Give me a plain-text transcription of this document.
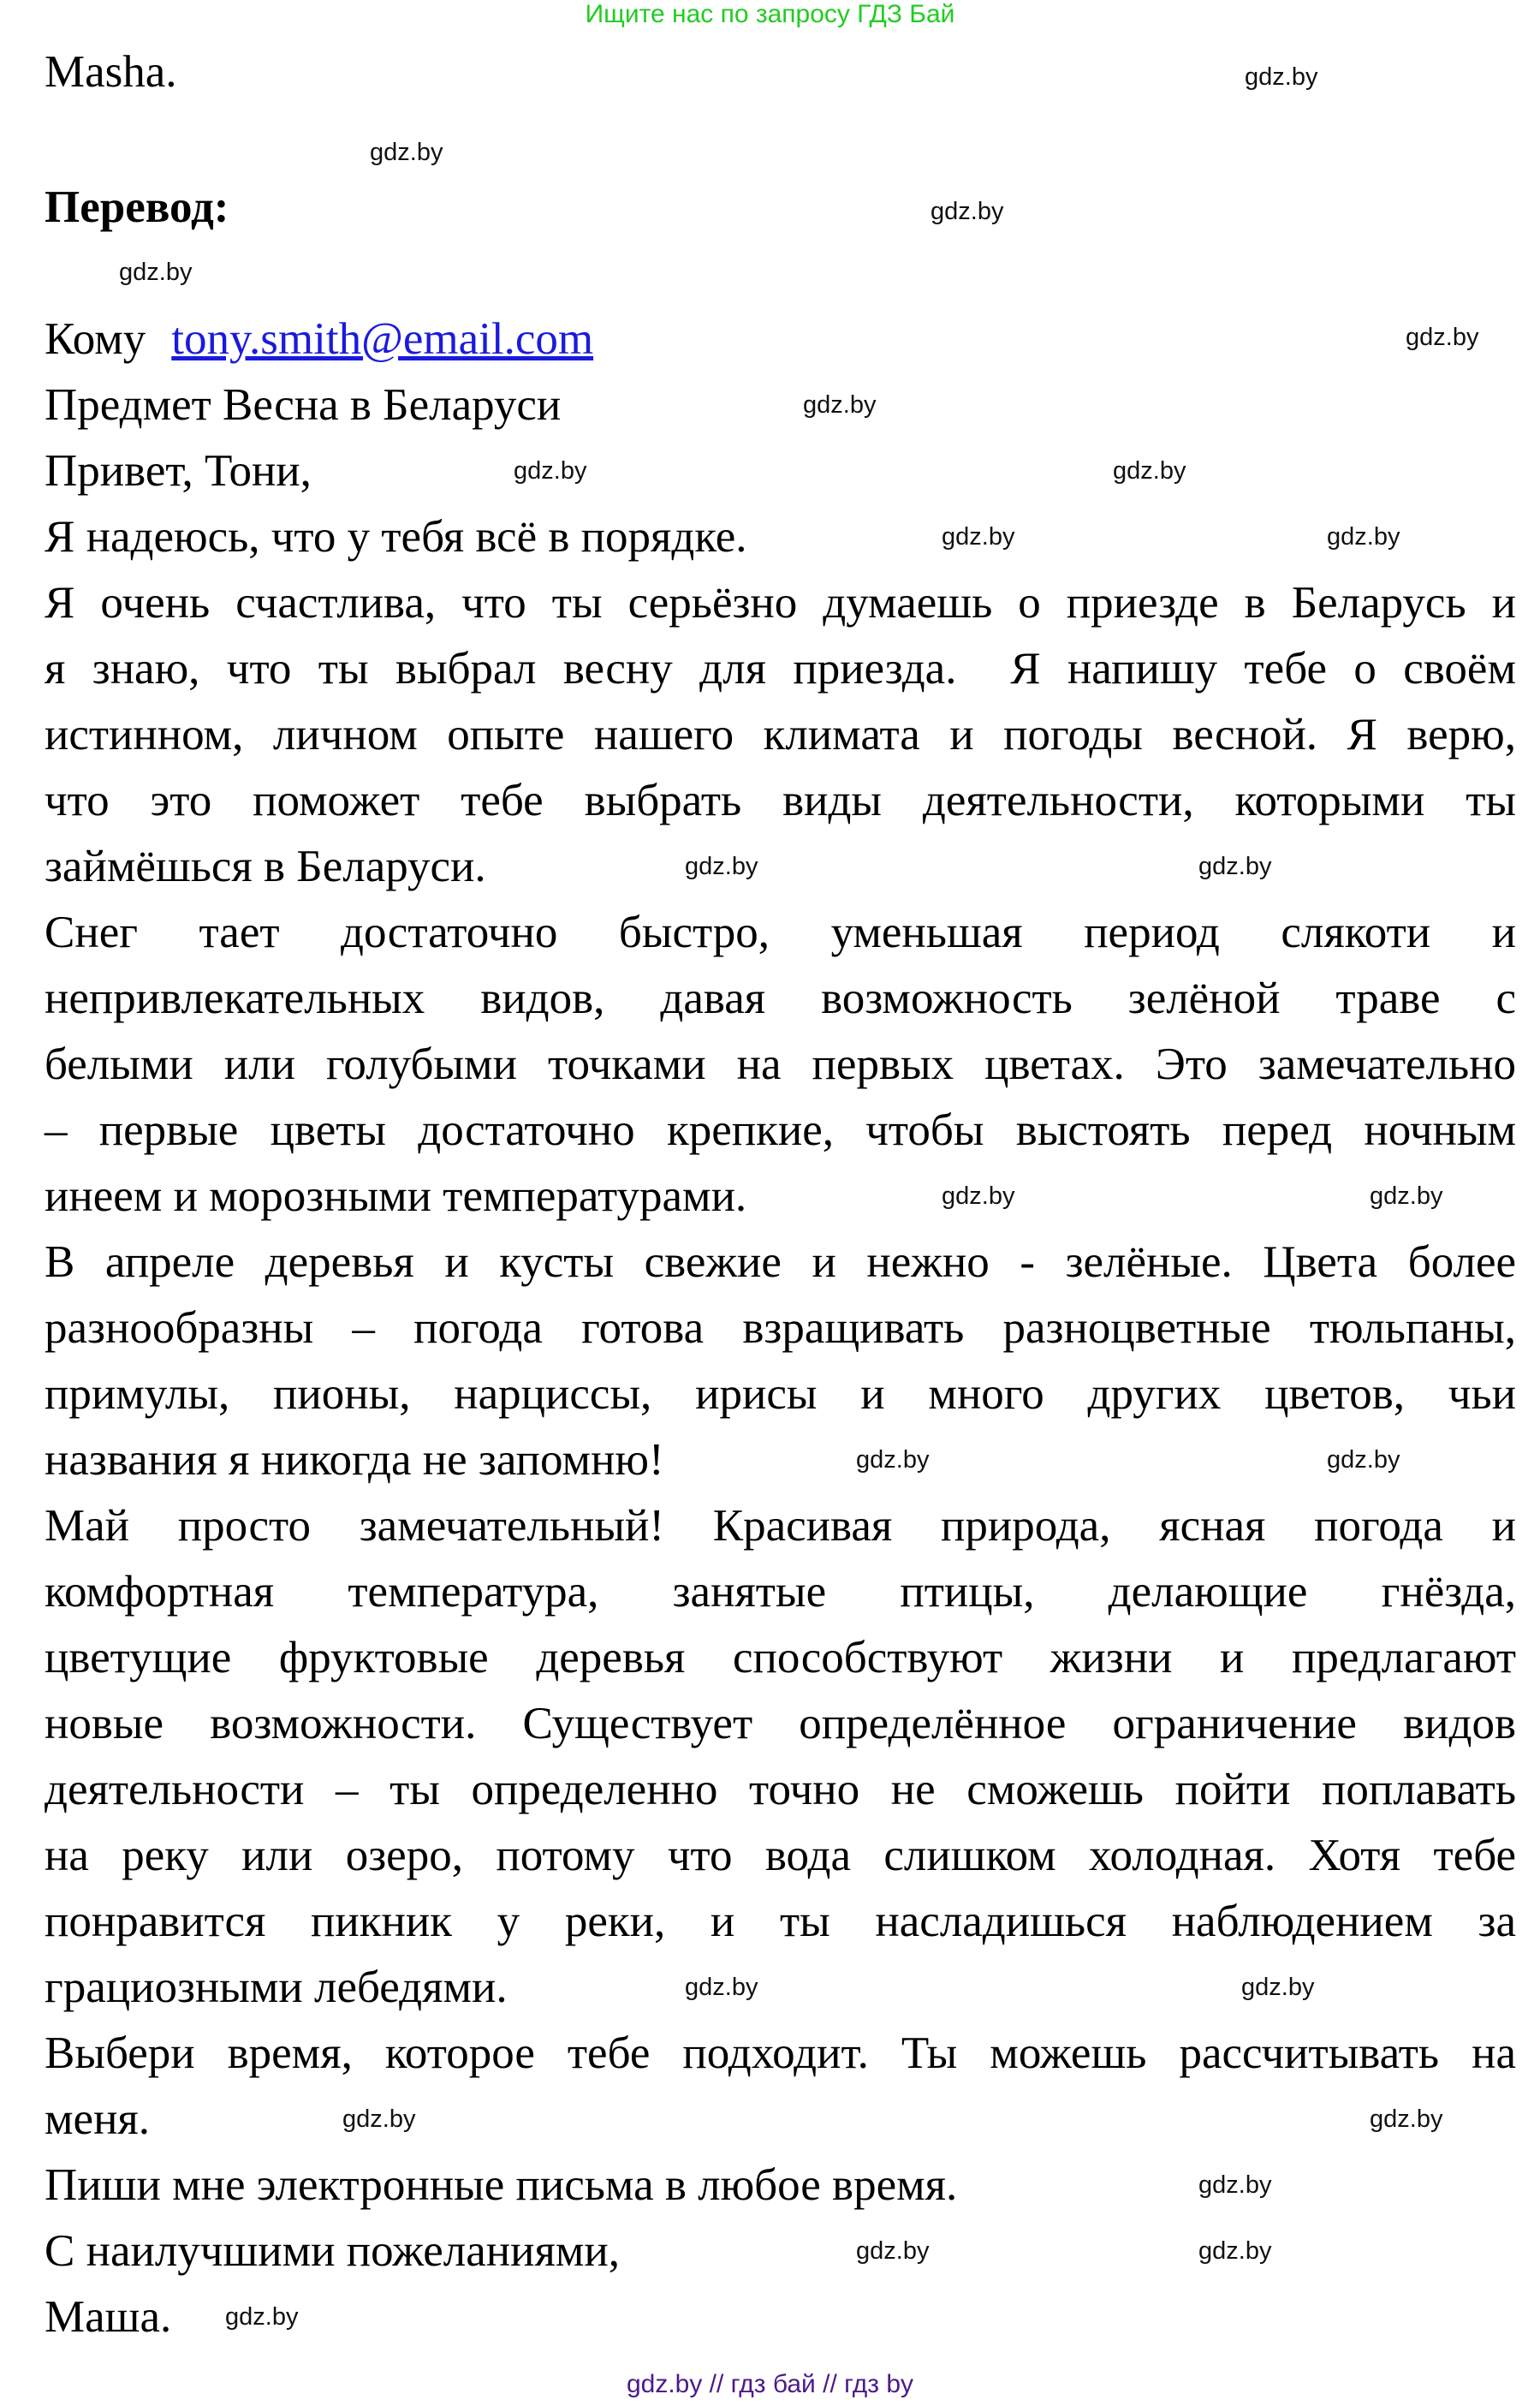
Ищите нас по запросу ГДЗ Бай
Masha.
Перевод:
Кому tony.smith@email.com
Предмет Весна в Беларуси
Привет, Тони,
Я надеюсь, что у тебя всё в порядке.
Я очень счастлива, что ты серьёзно думаешь о приезде в Беларусь и
я знаю, что ты выбрал весну для приезда.  Я напишу тебе о своём
истинном, личном опыте нашего климата и погоды весной. Я верю,
что это поможет тебе выбрать виды деятельности, которыми ты
займёшься в Беларуси.
Снег тает достаточно быстро, уменьшая период слякоти и
непривлекательных видов, давая возможность зелёной траве с
белыми или голубыми точками на первых цветах. Это замечательно
– первые цветы достаточно крепкие, чтобы выстоять перед ночным
инеем и морозными температурами.
В апреле деревья и кусты свежие и нежно - зелёные. Цвета более
разнообразны – погода готова взращивать разноцветные тюльпаны,
примулы, пионы, нарциссы, ирисы и много других цветов, чьи
названия я никогда не запомню!
Май просто замечательный! Красивая природа, ясная погода и
комфортная температура, занятые птицы, делающие гнёзда,
цветущие фруктовые деревья способствуют жизни и предлагают
новые возможности. Существует определённое ограничение видов
деятельности – ты определенно точно не сможешь пойти поплавать
на реку или озеро, потому что вода слишком холодная. Хотя тебе
понравится пикник у реки, и ты насладишься наблюдением за
грациозными лебедями.
Выбери время, которое тебе подходит. Ты можешь рассчитывать на
меня.
Пиши мне электронные письма в любое время.
С наилучшими пожеланиями,
Маша.
gdz.by
gdz.by
gdz.by
gdz.by
gdz.by
gdz.by
gdz.by	gdz.by
gdz.by	gdz.by
gdz.by	gdz.by
gdz.by	gdz.by
gdz.by	gdz.by
gdz.by	gdz.by
gdz.by	gdz.by
gdz.by
gdz.by	gdz.by
gdz.by
gdz.by // гдз бай // гдз by
